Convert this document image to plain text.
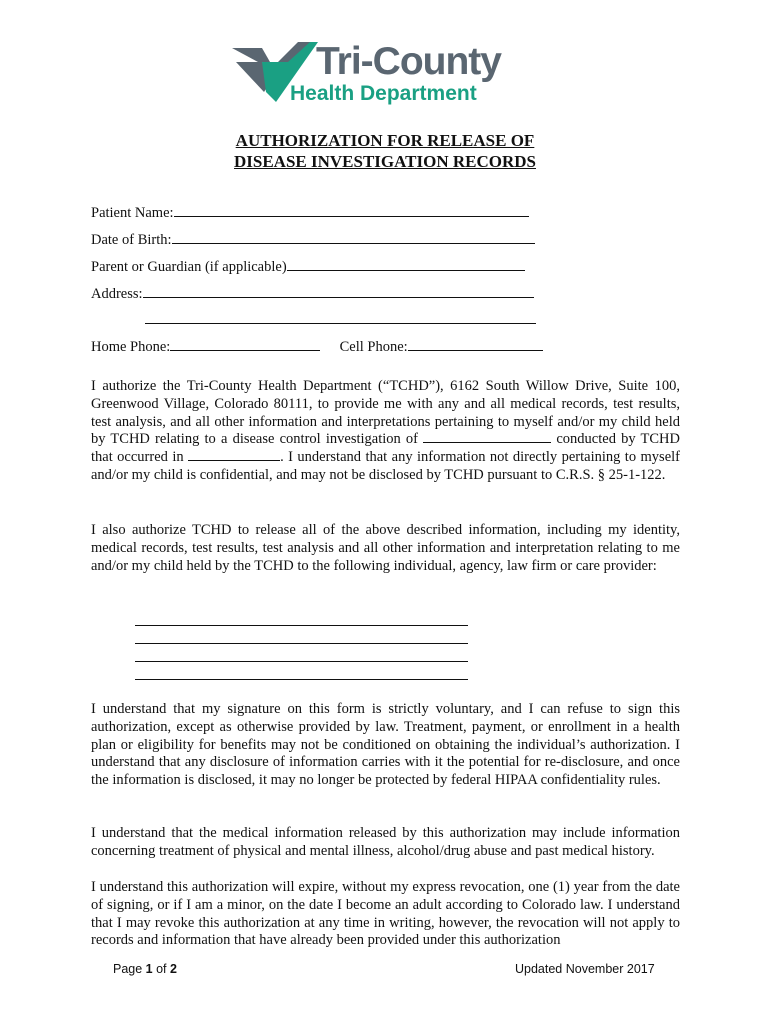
Tri-County
Health Department
AUTHORIZATION FOR RELEASE OF
DISEASE INVESTIGATION RECORDS
Patient Name:
Date of Birth:
Parent or Guardian (if applicable)
Address:
Home Phone:	Cell Phone:
I authorize the Tri-County Health Department (“TCHD”), 6162 South Willow Drive, Suite 100, Greenwood Village, Colorado 80111, to provide me with any and all medical records, test results, test analysis, and all other information and interpretations pertaining to myself and/or my child held by TCHD relating to a disease control investigation of	conducted by TCHD that occurred in	. I understand that any information not directly pertaining to myself and/or my child is confidential, and may not be disclosed by TCHD pursuant to C.R.S. § 25-1-122.
I also authorize TCHD to release all of the above described information, including my identity, medical records, test results, test analysis and all other information and interpretation relating to me and/or my child held by the TCHD to the following individual, agency, law firm or care provider:
I understand that my signature on this form is strictly voluntary, and I can refuse to sign this authorization, except as otherwise provided by law. Treatment, payment, or enrollment in a health plan or eligibility for benefits may not be conditioned on obtaining the individual’s authorization. I understand that any disclosure of information carries with it the potential for re-disclosure, and once the information is disclosed, it may no longer be protected by federal HIPAA confidentiality rules.
I understand that the medical information released by this authorization may include information concerning treatment of physical and mental illness, alcohol/drug abuse and past medical history.
I understand this authorization will expire, without my express revocation, one (1) year from the date of signing, or if I am a minor, on the date I become an adult according to Colorado law. I understand that I may revoke this authorization at any time in writing, however, the revocation will not apply to records and information that have already been provided under this authorization
Page 1 of 2	Updated November 2017
